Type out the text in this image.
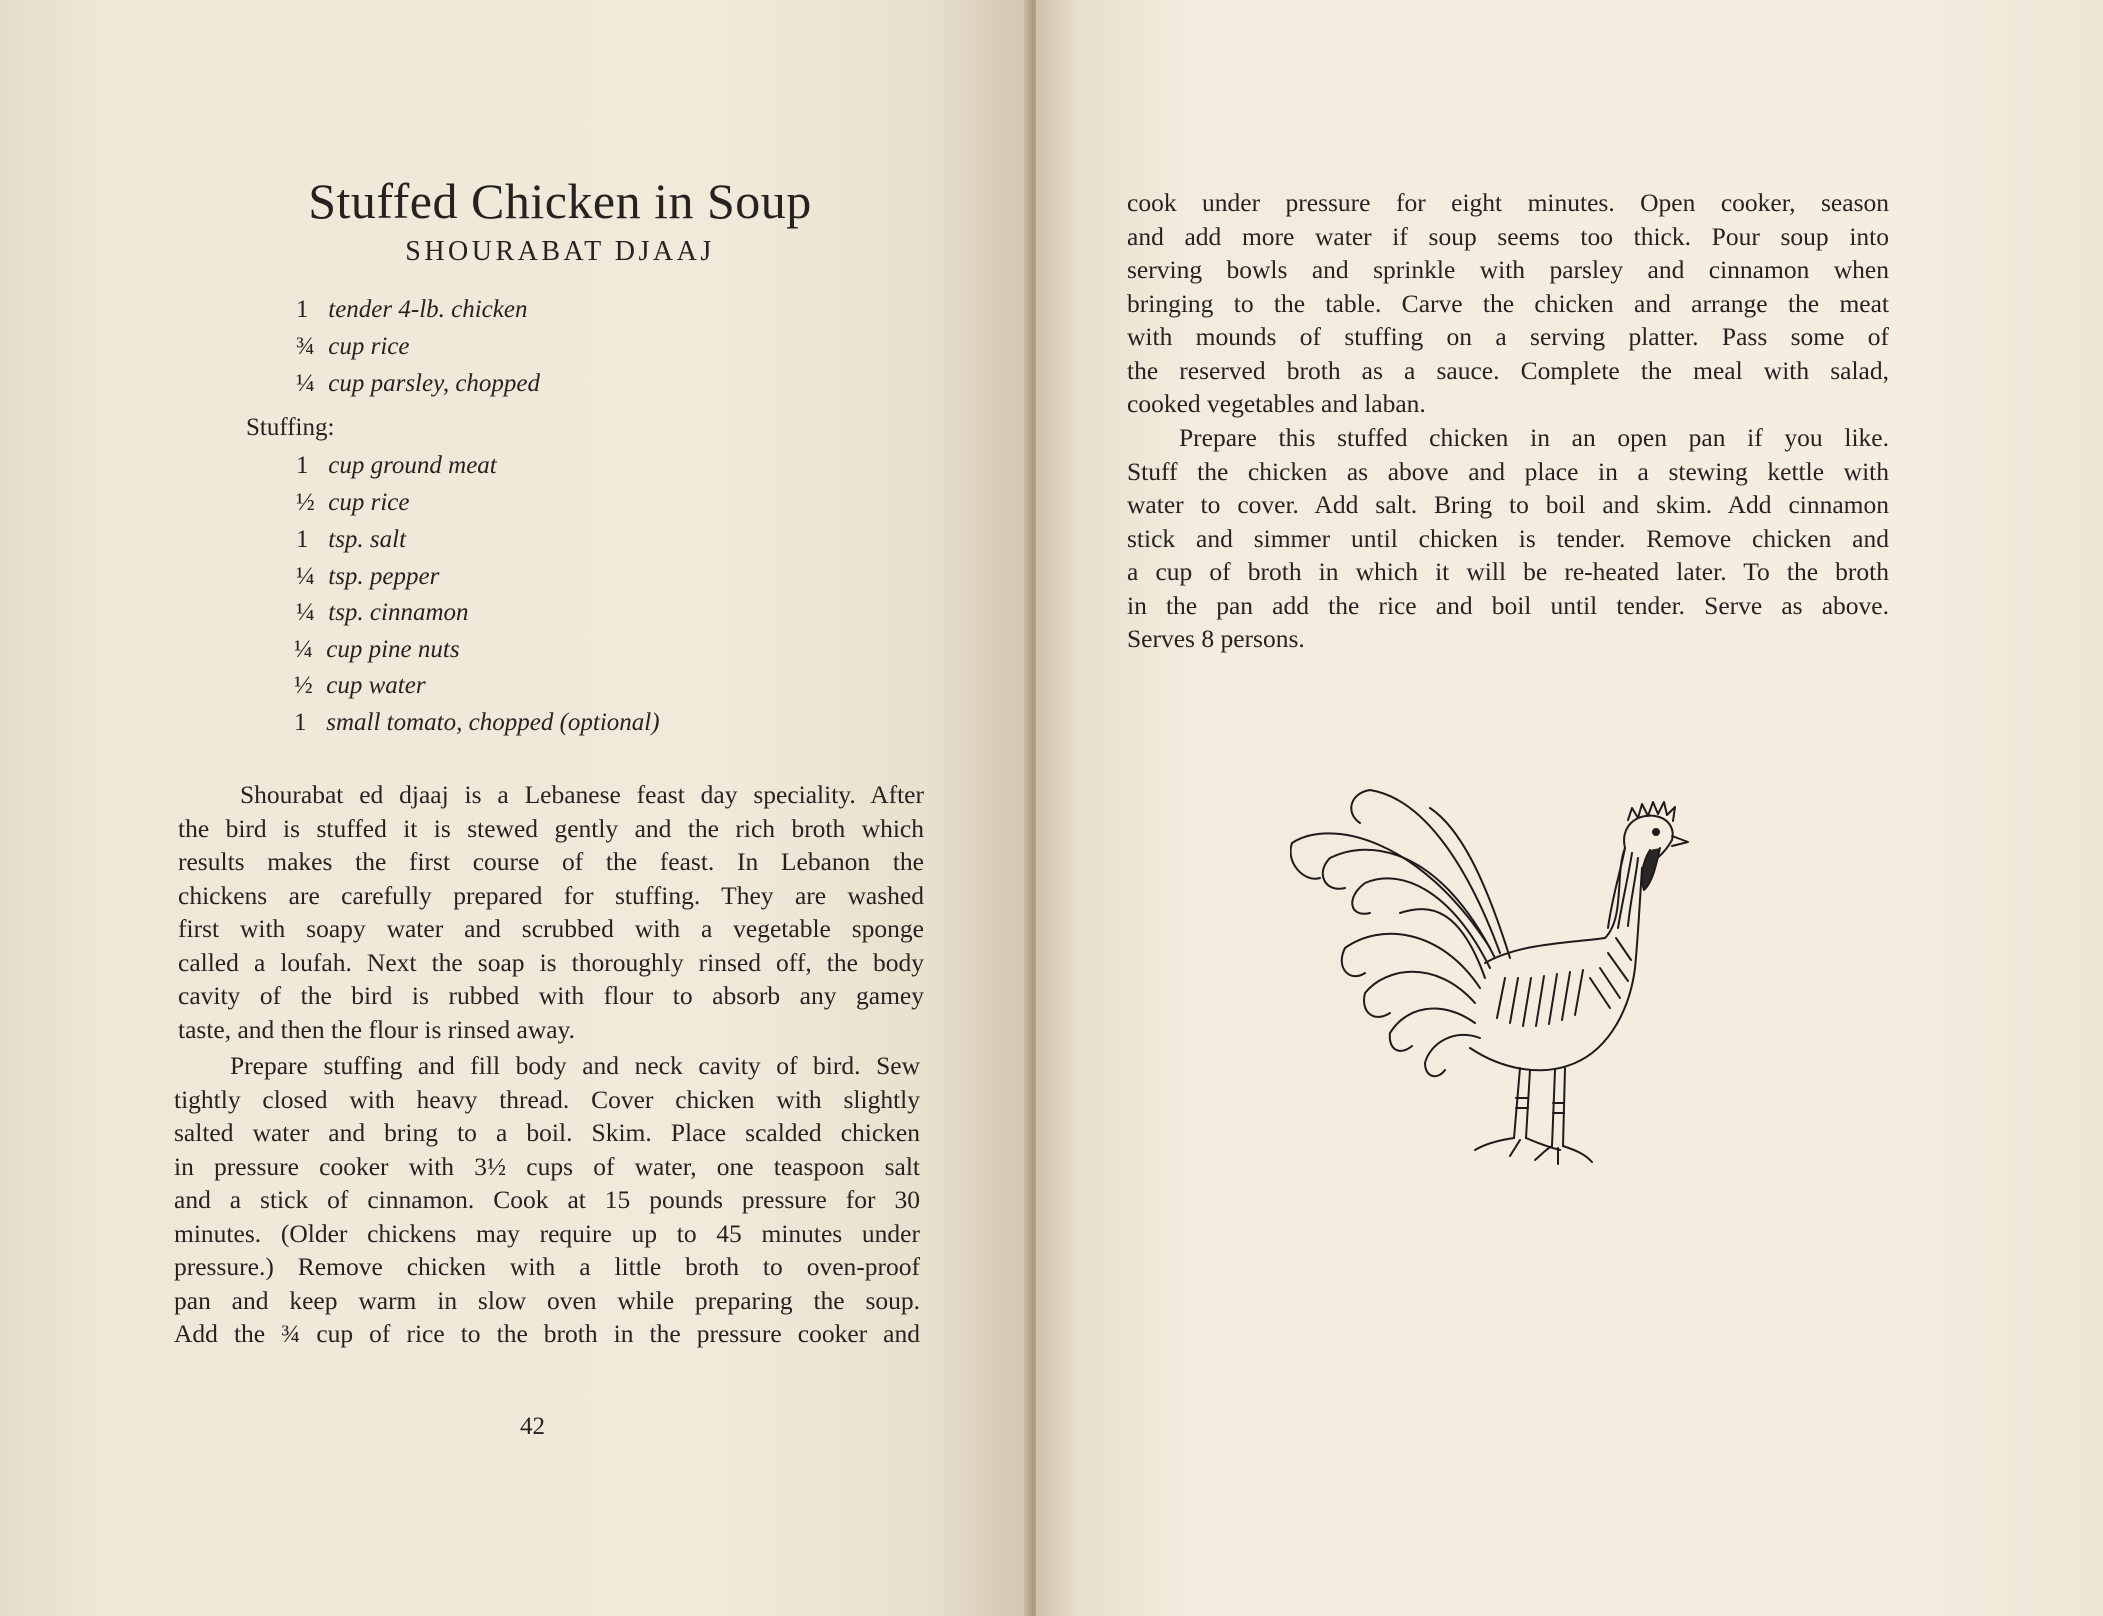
Stuffed Chicken in Soup
SHOURABAT DJAAJ
1 tender 4-lb. chicken
¾ cup rice
¼ cup parsley, chopped
Stuffing:
1 cup ground meat
½ cup rice
1 tsp. salt
¼ tsp. pepper
¼ tsp. cinnamon
¼ cup pine nuts
½ cup water
1 small tomato, chopped (optional)
Shourabat ed djaaj is a Lebanese feast day speciality. After
the bird is stuffed it is stewed gently and the rich broth which
results makes the first course of the feast. In Lebanon the
chickens are carefully prepared for stuffing. They are washed
first with soapy water and scrubbed with a vegetable sponge
called a loufah. Next the soap is thoroughly rinsed off, the body
cavity of the bird is rubbed with flour to absorb any gamey
taste, and then the flour is rinsed away.
Prepare stuffing and fill body and neck cavity of bird. Sew
tightly closed with heavy thread. Cover chicken with slightly
salted water and bring to a boil. Skim. Place scalded chicken
in pressure cooker with 3½ cups of water, one teaspoon salt
and a stick of cinnamon. Cook at 15 pounds pressure for 30
minutes. (Older chickens may require up to 45 minutes under
pressure.) Remove chicken with a little broth to oven-proof
pan and keep warm in slow oven while preparing the soup.
Add the ¾ cup of rice to the broth in the pressure cooker and
42
cook under pressure for eight minutes. Open cooker, season
and add more water if soup seems too thick. Pour soup into
serving bowls and sprinkle with parsley and cinnamon when
bringing to the table. Carve the chicken and arrange the meat
with mounds of stuffing on a serving platter. Pass some of
the reserved broth as a sauce. Complete the meal with salad,
cooked vegetables and laban.
Prepare this stuffed chicken in an open pan if you like.
Stuff the chicken as above and place in a stewing kettle with
water to cover. Add salt. Bring to boil and skim. Add cinnamon
stick and simmer until chicken is tender. Remove chicken and
a cup of broth in which it will be re-heated later. To the broth
in the pan add the rice and boil until tender. Serve as above.
Serves 8 persons.
